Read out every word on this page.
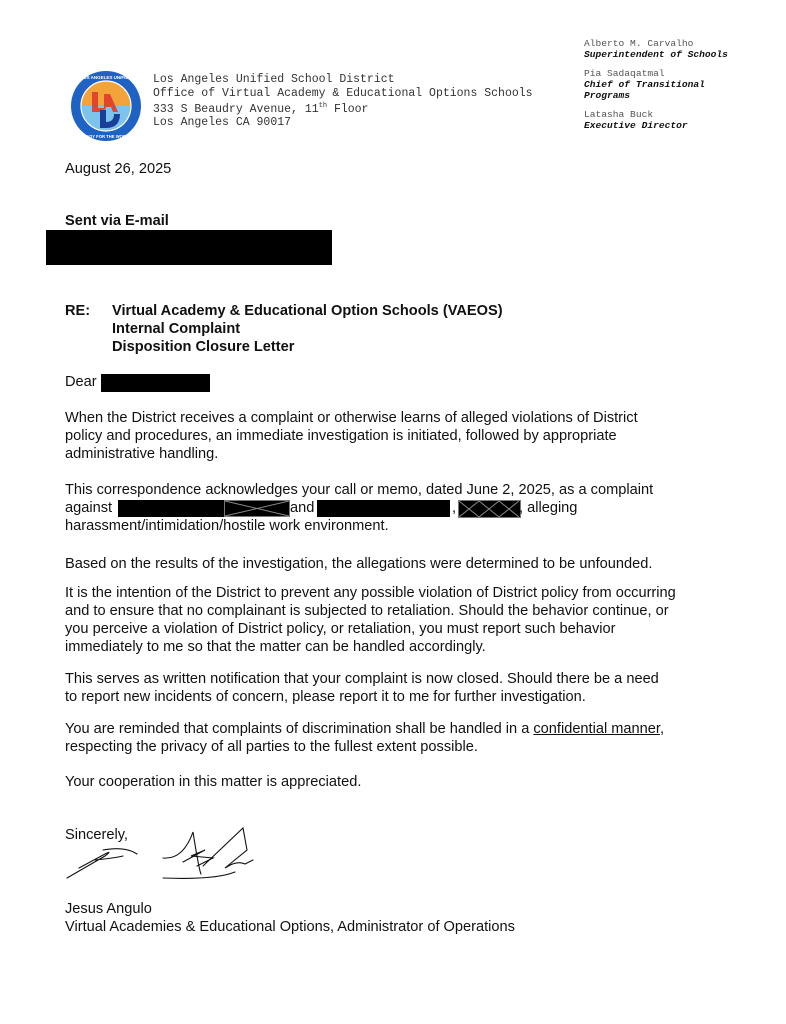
LOS ANGELES UNIFIED
READY FOR THE WORLD
Los Angeles Unified School District
Office of Virtual Academy & Educational Options Schools
333 S Beaudry Avenue, 11th Floor
Los Angeles CA 90017
Alberto M. Carvalho
Superintendent of Schools
Pia Sadaqatmal
Chief of Transitional
Programs
Latasha Buck
Executive Director
August 26, 2025
Sent via E-mail
RE: Virtual Academy & Educational Option Schools (VAEOS)
Internal Complaint
Disposition Closure Letter
Dear
When the District receives a complaint or otherwise learns of alleged violations of District
policy and procedures, an immediate investigation is initiated, followed by appropriate
administrative handling.
This correspondence acknowledges your call or memo, dated June 2, 2025, as a complaint
against	and	,	, alleging
harassment/intimidation/hostile work environment.
Based on the results of the investigation, the allegations were determined to be unfounded.
It is the intention of the District to prevent any possible violation of District policy from occurring
and to ensure that no complainant is subjected to retaliation. Should the behavior continue, or
you perceive a violation of District policy, or retaliation, you must report such behavior
immediately to me so that the matter can be handled accordingly.
This serves as written notification that your complaint is now closed. Should there be a need
to report new incidents of concern, please report it to me for further investigation.
You are reminded that complaints of discrimination shall be handled in a confidential manner,
respecting the privacy of all parties to the fullest extent possible.
Your cooperation in this matter is appreciated.
Sincerely,
Jesus Angulo
Virtual Academies & Educational Options, Administrator of Operations
